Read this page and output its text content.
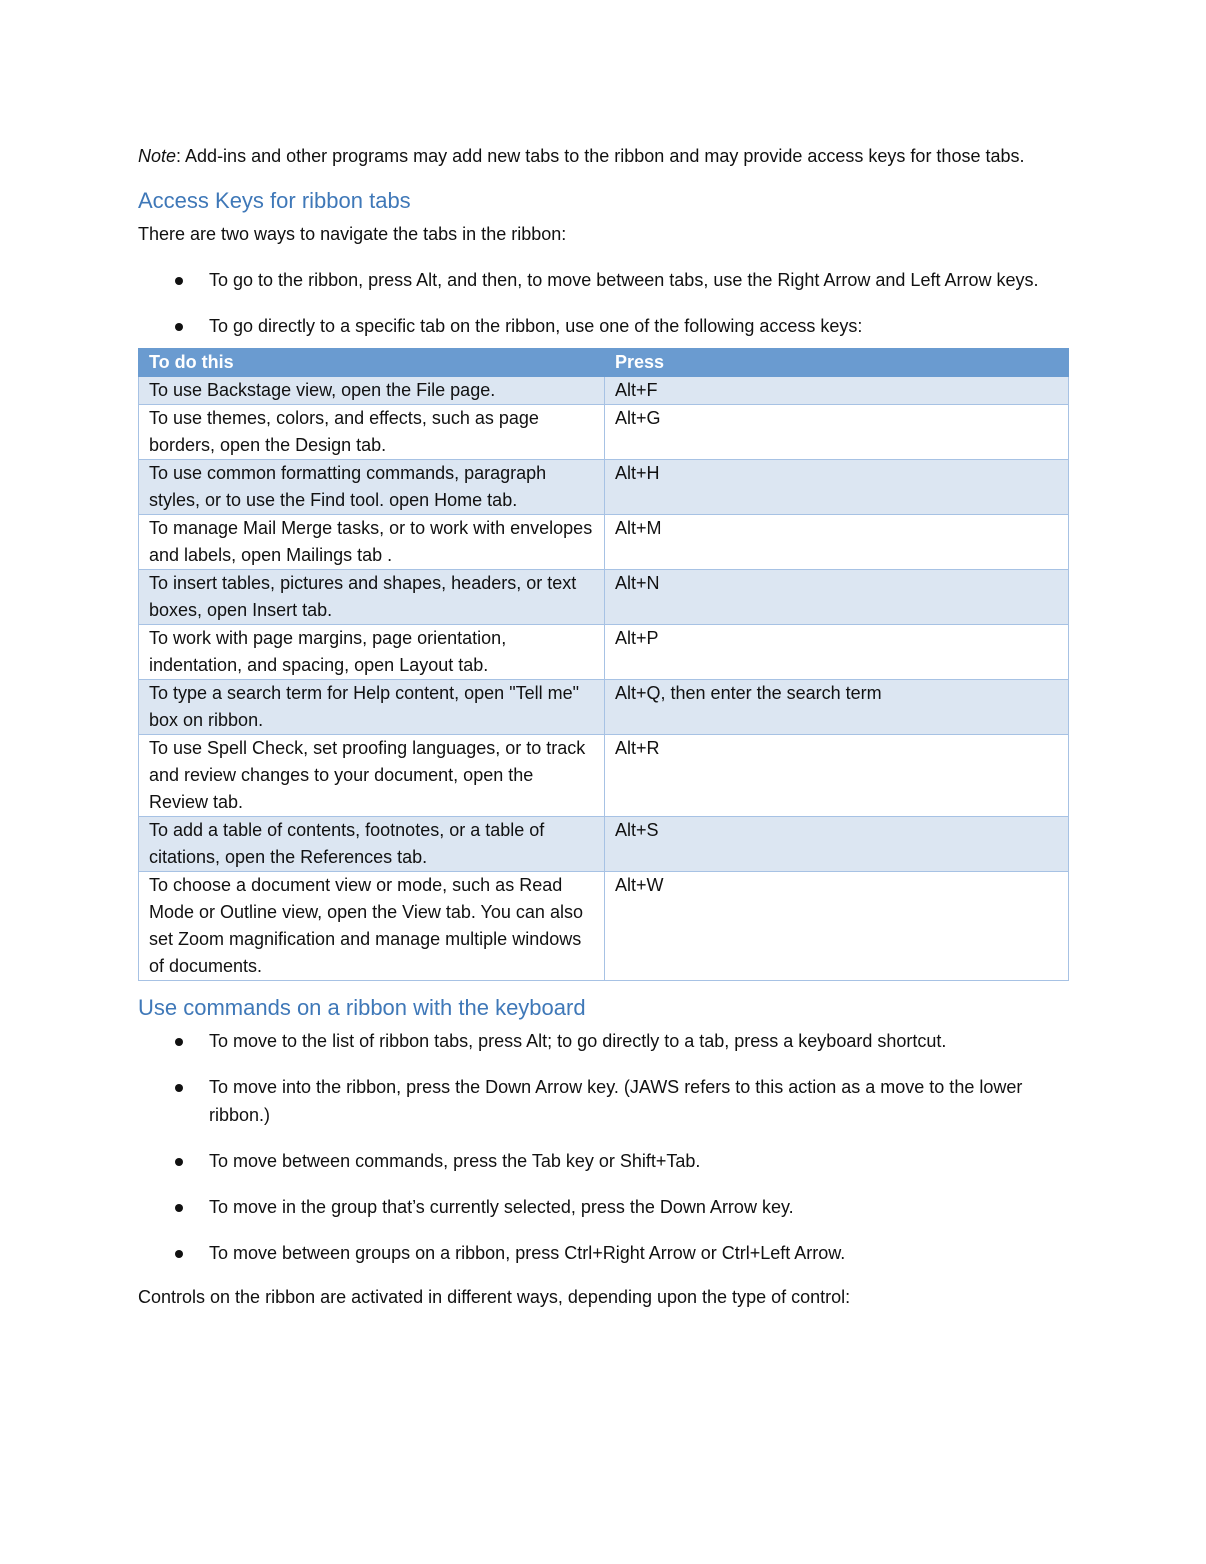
Note: Add-ins and other programs may add new tabs to the ribbon and may provide access keys for those tabs.

Access Keys for ribbon tabs

There are two ways to navigate the tabs in the ribbon:

To go to the ribbon, press Alt, and then, to move between tabs, use the Right Arrow and Left Arrow keys.
To go directly to a specific tab on the ribbon, use one of the following access keys:
To do this	Press
To use Backstage view, open the File page.	Alt+F
To use themes, colors, and effects, such as page borders, open the Design tab.	Alt+G
To use common formatting commands, paragraph styles, or to use the Find tool. open Home tab.	Alt+H
To manage Mail Merge tasks, or to work with envelopes and labels, open Mailings tab .	Alt+M
To insert tables, pictures and shapes, headers, or text boxes, open Insert tab.	Alt+N
To work with page margins, page orientation, indentation, and spacing, open Layout tab.	Alt+P
To type a search term for Help content, open "Tell me" box on ribbon.	Alt+Q, then enter the search term
To use Spell Check, set proofing languages, or to track and review changes to your document, open the Review tab.	Alt+R
To add a table of contents, footnotes, or a table of citations, open the References tab.	Alt+S
To choose a document view or mode, such as Read Mode or Outline view, open the View tab. You can also set Zoom magnification and manage multiple windows of documents.	Alt+W
Use commands on a ribbon with the keyboard
To move to the list of ribbon tabs, press Alt; to go directly to a tab, press a keyboard shortcut.
To move into the ribbon, press the Down Arrow key. (JAWS refers to this action as a move to the lower ribbon.)
To move between commands, press the Tab key or Shift+Tab.
To move in the group that’s currently selected, press the Down Arrow key.
To move between groups on a ribbon, press Ctrl+Right Arrow or Ctrl+Left Arrow.

Controls on the ribbon are activated in different ways, depending upon the type of control:
